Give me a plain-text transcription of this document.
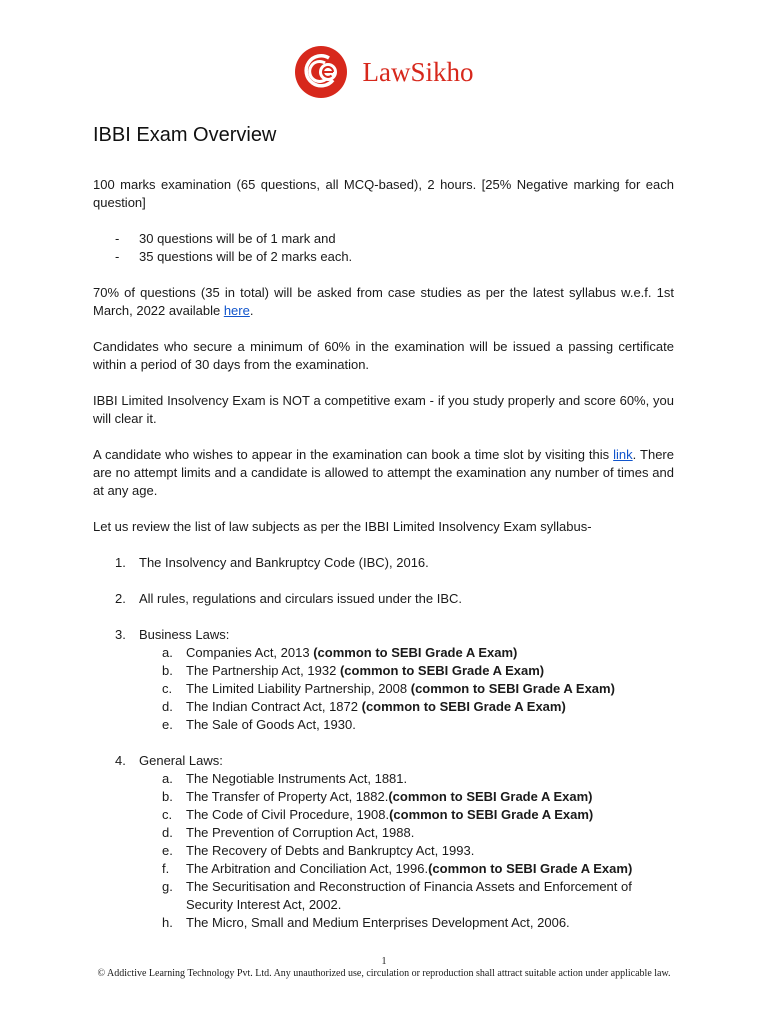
LawSikho
IBBI Exam Overview

100 marks examination (65 questions, all MCQ-based), 2 hours. [25% Negative marking for each question]

- 30 questions will be of 1 mark and
- 35 questions will be of 2 marks each.

70% of questions (35 in total) will be asked from case studies as per the latest syllabus w.e.f. 1st March, 2022 available here.

Candidates who secure a minimum of 60% in the examination will be issued a passing certificate within a period of 30 days from the examination.

IBBI Limited Insolvency Exam is NOT a competitive exam - if you study properly and score 60%, you will clear it.

A candidate who wishes to appear in the examination can book a time slot by visiting this link. There are no attempt limits and a candidate is allowed to attempt the examination any number of times and at any age.

Let us review the list of law subjects as per the IBBI Limited Insolvency Exam syllabus-

1. The Insolvency and Bankruptcy Code (IBC), 2016.
2. All rules, regulations and circulars issued under the IBC.
3. Business Laws:
a. Companies Act, 2013 (common to SEBI Grade A Exam)
b. The Partnership Act, 1932 (common to SEBI Grade A Exam)
c. The Limited Liability Partnership, 2008 (common to SEBI Grade A Exam)
d. The Indian Contract Act, 1872 (common to SEBI Grade A Exam)
e. The Sale of Goods Act, 1930.
4. General Laws:
a. The Negotiable Instruments Act, 1881.
b. The Transfer of Property Act, 1882.(common to SEBI Grade A Exam)
c. The Code of Civil Procedure, 1908.(common to SEBI Grade A Exam)
d. The Prevention of Corruption Act, 1988.
e. The Recovery of Debts and Bankruptcy Act, 1993.
f. The Arbitration and Conciliation Act, 1996.(common to SEBI Grade A Exam)
g. The Securitisation and Reconstruction of Financia Assets and Enforcement of Security Interest Act, 2002.
h. The Micro, Small and Medium Enterprises Development Act, 2006.
1
© Addictive Learning Technology Pvt. Ltd. Any unauthorized use, circulation or reproduction shall attract suitable action under applicable law.
